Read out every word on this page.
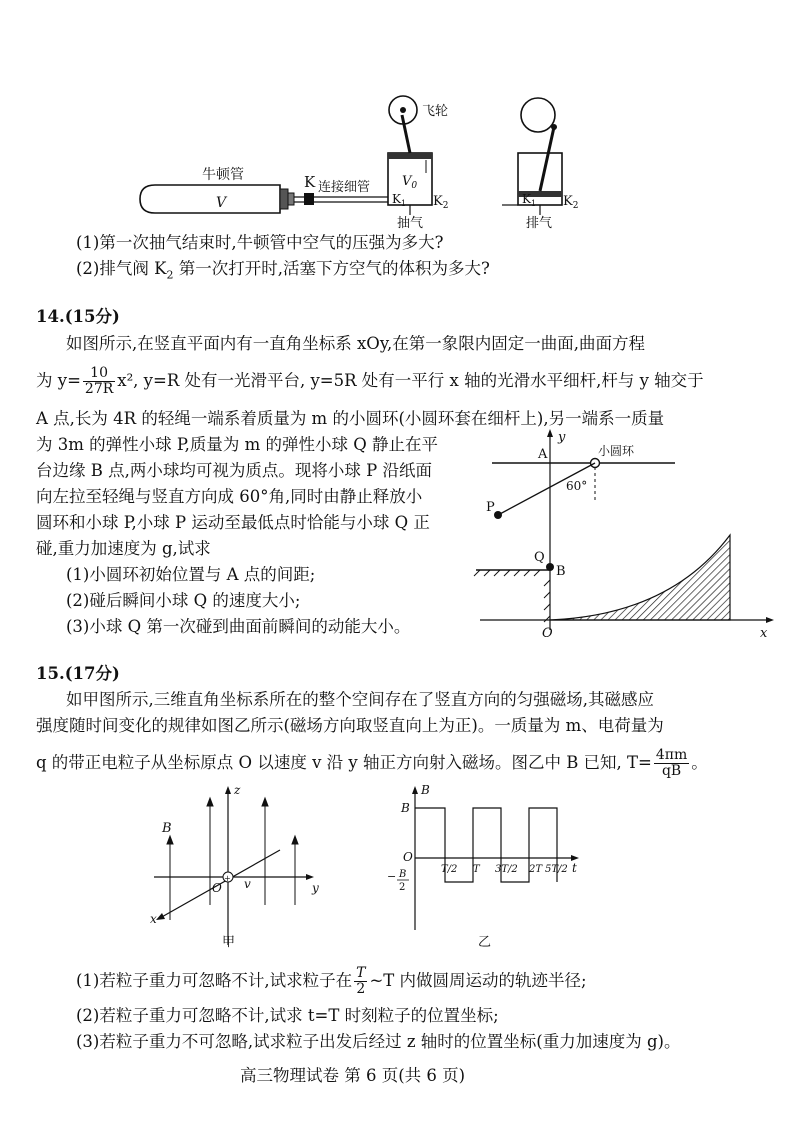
牛顿管
V
K 连接细管
飞轮
$V_0$
$K_1$ $K_2$
抽气
$K_1$ $K_2$
排气
(1)第一次抽气结束时,牛顿管中空气的压强为多大?
(2)排气阀 $K_2$ 第一次打开时,活塞下方空气的体积为多大?
14.(15分)
如图所示,在竖直平面内有一直角坐标系 xOy,在第一象限内固定一曲面,曲面方程
为 $y= \frac{10}{27R} x^2$, y=R 处有一光滑平台, y=5R 处有一平行 x 轴的光滑水平细杆,杆与 y 轴交于
A 点,长为 4R 的轻绳一端系着质量为 m 的小圆环(小圆环套在细杆上),另一端系一质量
为 3m 的弹性小球 P,质量为 m 的弹性小球 Q 静止在平
台边缘 B 点,两小球均可视为质点。现将小球 P 沿纸面
向左拉至轻绳与竖直方向成 60°角,同时由静止释放小
圆环和小球 P,小球 P 运动至最低点时恰能与小球 Q 正
碰,重力加速度为 g,试求
(1)小圆环初始位置与 A 点的间距;
(2)碰后瞬间小球 Q 的速度大小;
(3)小球 Q 第一次碰到曲面前瞬间的动能大小。
y
A	小圆环
60°
P
Q
B
x
O
15.(17分)
如甲图所示,三维直角坐标系所在的整个空间存在了竖直方向的匀强磁场,其磁感应
强度随时间变化的规律如图乙所示(磁场方向取竖直向上为正)。一质量为 m、电荷量为
q 的带正电粒子从坐标原点 O 以速度 v 沿 y 轴正方向射入磁场。图乙中 B 已知, $T= \frac{4\pi m}{qB}$ 。
B
z
y
x
+
O v
甲
B
t
O
B
− B
2
T/2 T 3T/2 2T 5T/2
乙
(1)若粒子重力可忽略不计,试求粒子在 $\frac{T}{2}$ ~T 内做圆周运动的轨迹半径;
(2)若粒子重力可忽略不计,试求 t=T 时刻粒子的位置坐标;
(3)若粒子重力不可忽略,试求粒子出发后经过 z 轴时的位置坐标(重力加速度为 g)。
高三物理试卷 第 6 页(共 6 页)
